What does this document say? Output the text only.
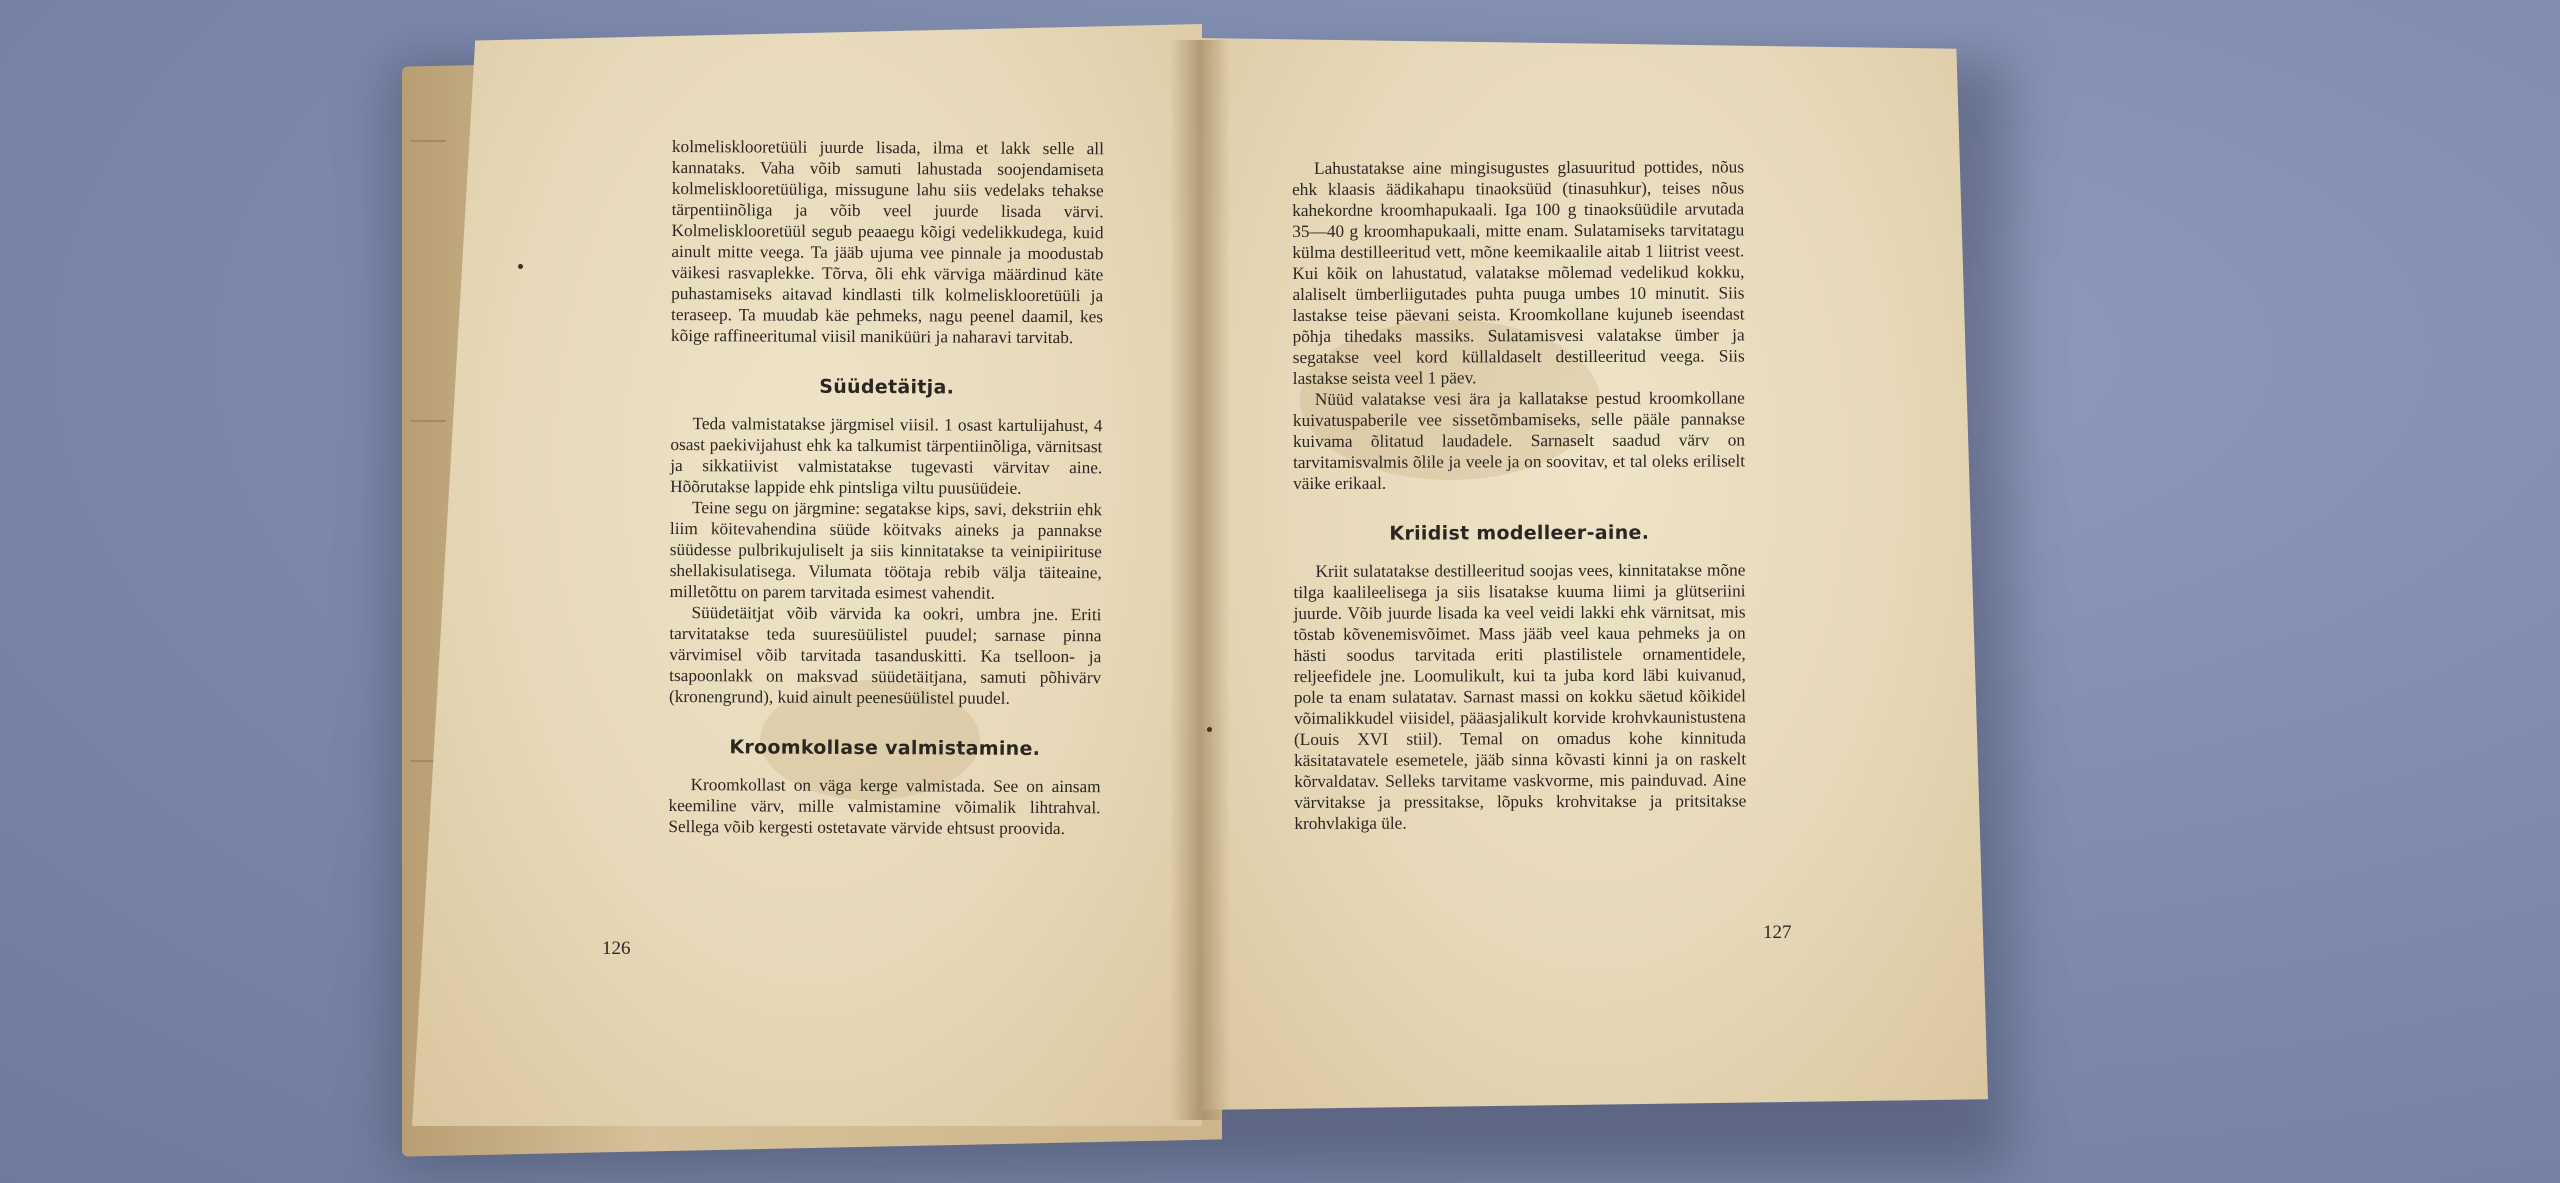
kolmelisklooretüüli juurde lisada, ilma et lakk selle all kannataks. Vaha võib samuti lahustada soojendamiseta kolmelisklooretüüliga, missugune lahu siis vedelaks tehakse tärpentiinõliga ja võib veel juurde lisada värvi. Kolmelisklooretüül segub peaaegu kõigi vedelikkudega, kuid ainult mitte veega. Ta jääb ujuma vee pinnale ja moodustab väikesi rasvaplekke. Tõrva, õli ehk värviga määrdinud käte puhastamiseks aitavad kindlasti tilk kolmelisklooretüüli ja teraseep. Ta muudab käe pehmeks, nagu peenel daamil, kes kõige raffineeritumal viisil maniküüri ja naharavi tarvitab.

Süüdetäitja.

Teda valmistatakse järgmisel viisil. 1 osast kartulijahust, 4 osast paekivijahust ehk ka talkumist tärpentiinõliga, värnitsast ja sikkatiivist valmistatakse tugevasti värvitav aine. Hõõrutakse lappide ehk pintsliga viltu puusüüdeie.

Teine segu on järgmine: segatakse kips, savi, dekstriin ehk liim köitevahendina süüde köitvaks aineks ja pannakse süüdesse pulbrikujuliselt ja siis kinnitatakse ta veinipiirituse shellakisulatisega. Vilumata töötaja rebib välja täiteaine, milletõttu on parem tarvitada esimest vahendit.

Süüdetäitjat võib värvida ka ookri, umbra jne. Eriti tarvitatakse teda suuresüülistel puudel; sarnase pinna värvimisel võib tarvitada tasanduskitti. Ka tselloon- ja tsapoonlakk on maksvad süüdetäitjana, samuti põhivärv (kronengrund), kuid ainult peenesüülistel puudel.

Kroomkollase valmistamine.

Kroomkollast on väga kerge valmistada. See on ainsam keemiline värv, mille valmistamine võimalik lihtrahval. Sellega võib kergesti ostetavate värvide ehtsust proovida.

126

Lahustatakse aine mingisugustes glasuuritud pottides, nõus ehk klaasis äädikahapu tinaoksüüd (tinasuhkur), teises nõus kahekordne kroomhapukaali. Iga 100 g tinaoksüüdile arvutada 35—40 g kroomhapukaali, mitte enam. Sulatamiseks tarvitatagu külma destilleeritud vett, mõne keemikaalile aitab 1 liitrist veest. Kui kõik on lahustatud, valatakse mõlemad vedelikud kokku, alaliselt ümberliigutades puhta puuga umbes 10 minutit. Siis lastakse teise päevani seista. Kroomkollane kujuneb iseendast põhja tihedaks massiks. Sulatamisvesi valatakse ümber ja segatakse veel kord küllaldaselt destilleeritud veega. Siis lastakse seista veel 1 päev.

Nüüd valatakse vesi ära ja kallatakse pestud kroomkollane kuivatuspaberile vee sissetõmbamiseks, selle pääle pannakse kuivama õlitatud laudadele. Sarnaselt saadud värv on tarvitamisvalmis õlile ja veele ja on soovitav, et tal oleks eriliselt väike erikaal.

Kriidist modelleer-aine.

Kriit sulatatakse destilleeritud soojas vees, kinnitatakse mõne tilga kaalileelisega ja siis lisatakse kuuma liimi ja glütseriini juurde. Võib juurde lisada ka veel veidi lakki ehk värnitsat, mis tõstab kõvenemisvõimet. Mass jääb veel kaua pehmeks ja on hästi soodus tarvitada eriti plastilistele ornamentidele, reljeefidele jne. Loomulikult, kui ta juba kord läbi kuivanud, pole ta enam sulatatav. Sarnast massi on kokku säetud kõikidel võimalikkudel viisidel, pääasjalikult korvide krohvkaunistustena (Louis XVI stiil). Temal on omadus kohe kinnituda käsitatavatele esemetele, jääb sinna kõvasti kinni ja on raskelt kõrvaldatav. Selleks tarvitame vaskvorme, mis painduvad. Aine värvitakse ja pressitakse, lõpuks krohvitakse ja pritsitakse krohvlakiga üle.

127
